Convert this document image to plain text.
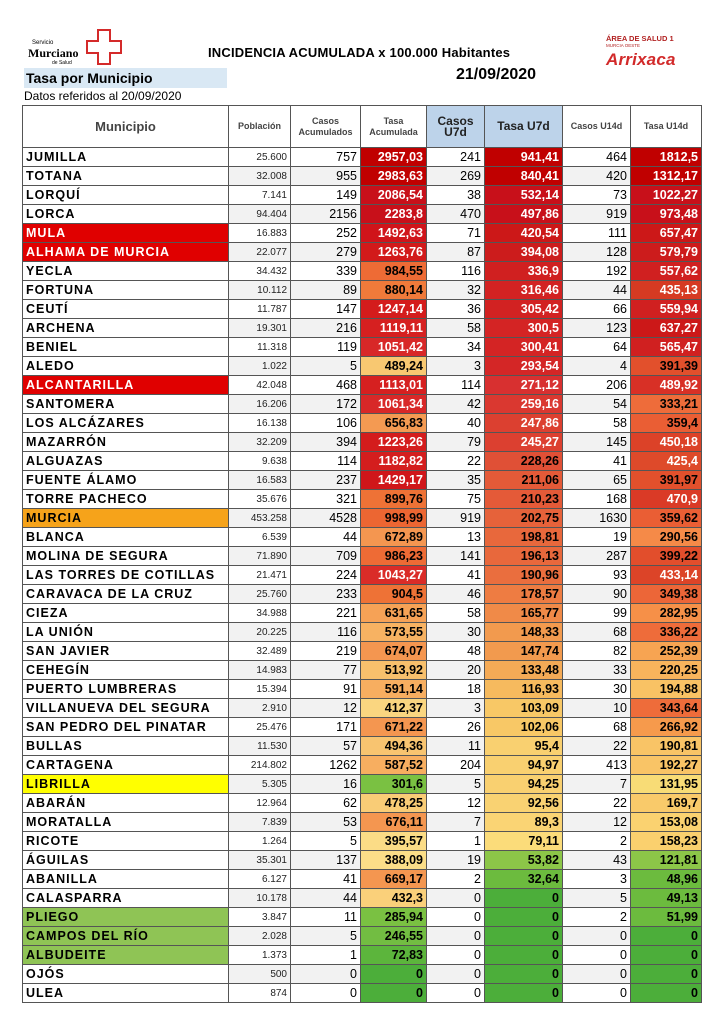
Servicio
Murciano
de Salud
INCIDENCIA ACUMULADA x 100.000 Habitantes
21/09/2020
ÁREA DE SALUD 1
MURCIA OESTE
Arrixaca
Tasa por Municipio
Datos referidos al 20/09/2020
Municipio	Población	Casos Acumulados	Tasa Acumulada	Casos U7d	Tasa U7d	Casos U14d	Tasa U14d
JUMILLA	25.600	757	2957,03	241	941,41	464	1812,5
TOTANA	32.008	955	2983,63	269	840,41	420	1312,17
LORQUÍ	7.141	149	2086,54	38	532,14	73	1022,27
LORCA	94.404	2156	2283,8	470	497,86	919	973,48
MULA	16.883	252	1492,63	71	420,54	111	657,47
ALHAMA DE MURCIA	22.077	279	1263,76	87	394,08	128	579,79
YECLA	34.432	339	984,55	116	336,9	192	557,62
FORTUNA	10.112	89	880,14	32	316,46	44	435,13
CEUTÍ	11.787	147	1247,14	36	305,42	66	559,94
ARCHENA	19.301	216	1119,11	58	300,5	123	637,27
BENIEL	11.318	119	1051,42	34	300,41	64	565,47
ALEDO	1.022	5	489,24	3	293,54	4	391,39
ALCANTARILLA	42.048	468	1113,01	114	271,12	206	489,92
SANTOMERA	16.206	172	1061,34	42	259,16	54	333,21
LOS ALCÁZARES	16.138	106	656,83	40	247,86	58	359,4
MAZARRÓN	32.209	394	1223,26	79	245,27	145	450,18
ALGUAZAS	9.638	114	1182,82	22	228,26	41	425,4
FUENTE ÁLAMO	16.583	237	1429,17	35	211,06	65	391,97
TORRE PACHECO	35.676	321	899,76	75	210,23	168	470,9
MURCIA	453.258	4528	998,99	919	202,75	1630	359,62
BLANCA	6.539	44	672,89	13	198,81	19	290,56
MOLINA DE SEGURA	71.890	709	986,23	141	196,13	287	399,22
LAS TORRES DE COTILLAS	21.471	224	1043,27	41	190,96	93	433,14
CARAVACA DE LA CRUZ	25.760	233	904,5	46	178,57	90	349,38
CIEZA	34.988	221	631,65	58	165,77	99	282,95
LA UNIÓN	20.225	116	573,55	30	148,33	68	336,22
SAN JAVIER	32.489	219	674,07	48	147,74	82	252,39
CEHEGÍN	14.983	77	513,92	20	133,48	33	220,25
PUERTO LUMBRERAS	15.394	91	591,14	18	116,93	30	194,88
VILLANUEVA DEL SEGURA	2.910	12	412,37	3	103,09	10	343,64
SAN PEDRO DEL PINATAR	25.476	171	671,22	26	102,06	68	266,92
BULLAS	11.530	57	494,36	11	95,4	22	190,81
CARTAGENA	214.802	1262	587,52	204	94,97	413	192,27
LIBRILLA	5.305	16	301,6	5	94,25	7	131,95
ABARÁN	12.964	62	478,25	12	92,56	22	169,7
MORATALLA	7.839	53	676,11	7	89,3	12	153,08
RICOTE	1.264	5	395,57	1	79,11	2	158,23
ÁGUILAS	35.301	137	388,09	19	53,82	43	121,81
ABANILLA	6.127	41	669,17	2	32,64	3	48,96
CALASPARRA	10.178	44	432,3	0	0	5	49,13
PLIEGO	3.847	11	285,94	0	0	2	51,99
CAMPOS DEL RÍO	2.028	5	246,55	0	0	0	0
ALBUDEITE	1.373	1	72,83	0	0	0	0
OJÓS	500	0	0	0	0	0	0
ULEA	874	0	0	0	0	0	0
